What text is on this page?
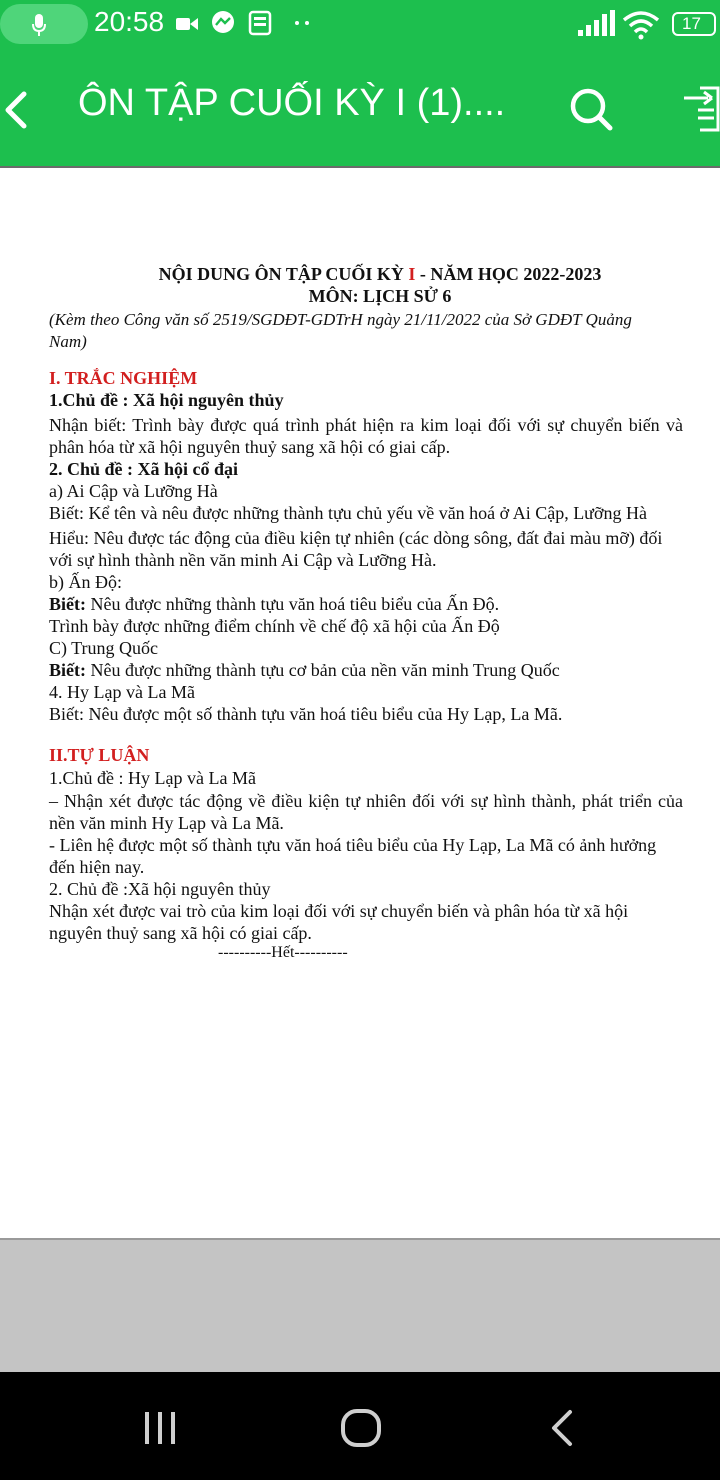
20:58	17
ÔN TẬP CUỐI KỲ I (1)....
NỘI DUNG ÔN TẬP CUỐI KỲ I - NĂM HỌC 2022-2023
MÔN: LỊCH SỬ 6
(Kèm theo Công văn số 2519/SGDĐT-GDTrH ngày 21/11/2022 của Sở GDĐT Quảng
Nam)
I. TRẮC NGHIỆM
1.Chủ đề : Xã hội nguyên thủy
Nhận biết: Trình bày được quá trình phát hiện ra kim loại đối với sự chuyển biến và phân hóa từ xã hội nguyên thuỷ sang xã hội có giai cấp.
2. Chủ đề : Xã hội cổ đại
a) Ai Cập và Lưỡng Hà
Biết: Kể tên và nêu được những thành tựu chủ yếu về văn hoá ở Ai Cập, Lưỡng Hà
Hiểu: Nêu được tác động của điều kiện tự nhiên (các dòng sông, đất đai màu mỡ) đối với sự hình thành nền văn minh Ai Cập và Lưỡng Hà.
b) Ấn Độ:
Biết: Nêu được những thành tựu văn hoá tiêu biểu của Ấn Độ.
Trình bày được những điểm chính về chế độ xã hội của Ấn Độ
C) Trung Quốc
Biết: Nêu được những thành tựu cơ bản của nền văn minh Trung Quốc
4. Hy Lạp và La Mã
Biết: Nêu được một số thành tựu văn hoá tiêu biểu của Hy Lạp, La Mã.
II.TỰ LUẬN
1.Chủ đề : Hy Lạp và La Mã
– Nhận xét được tác động về điều kiện tự nhiên đối với sự hình thành, phát triển của nền văn minh Hy Lạp và La Mã.
- Liên hệ được một số thành tựu văn hoá tiêu biểu của Hy Lạp, La Mã có ảnh hưởng đến hiện nay.
2. Chủ đề :Xã hội nguyên thủy
Nhận xét được vai trò của kim loại đối với sự chuyển biến và phân hóa từ xã hội nguyên thuỷ sang xã hội có giai cấp.
----------Hết----------
